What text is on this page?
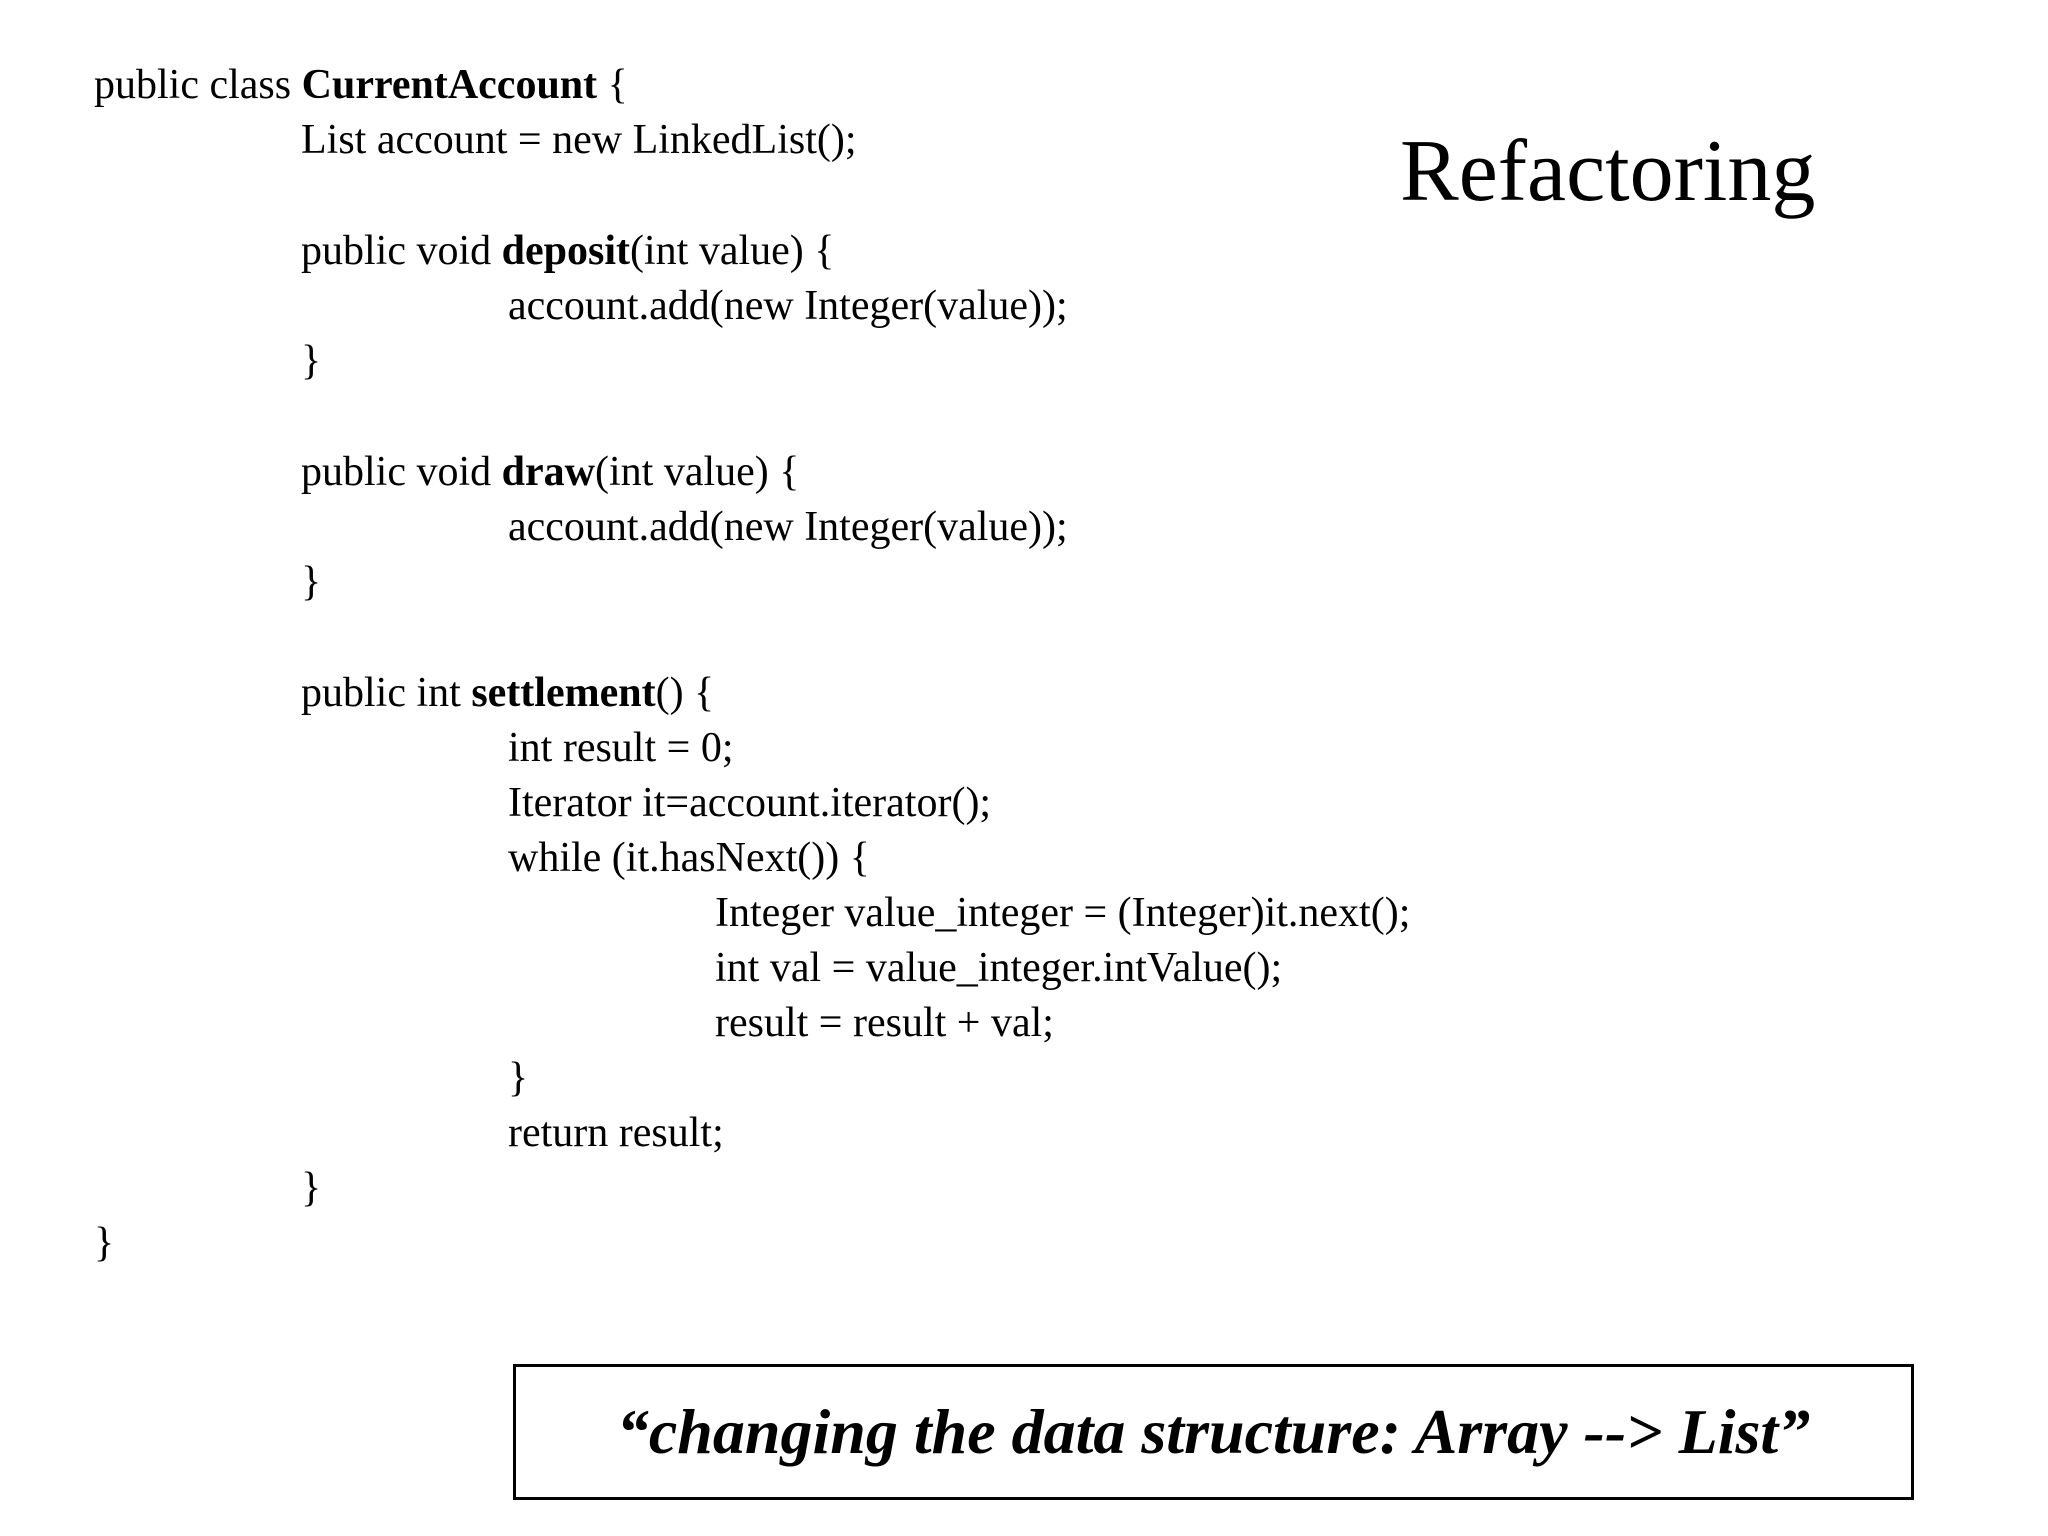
Refactoring
public class CurrentAccount {
List account = new LinkedList();
public void deposit(int value) {
account.add(new Integer(value));
}
public void draw(int value) {
account.add(new Integer(value));
}
public int settlement() {
int result = 0;
Iterator it=account.iterator();
while (it.hasNext()) {
Integer value_integer = (Integer)it.next();
int val = value_integer.intValue();
result = result + val;
}
return result;
}
}
“changing the data structure: Array --> List”
